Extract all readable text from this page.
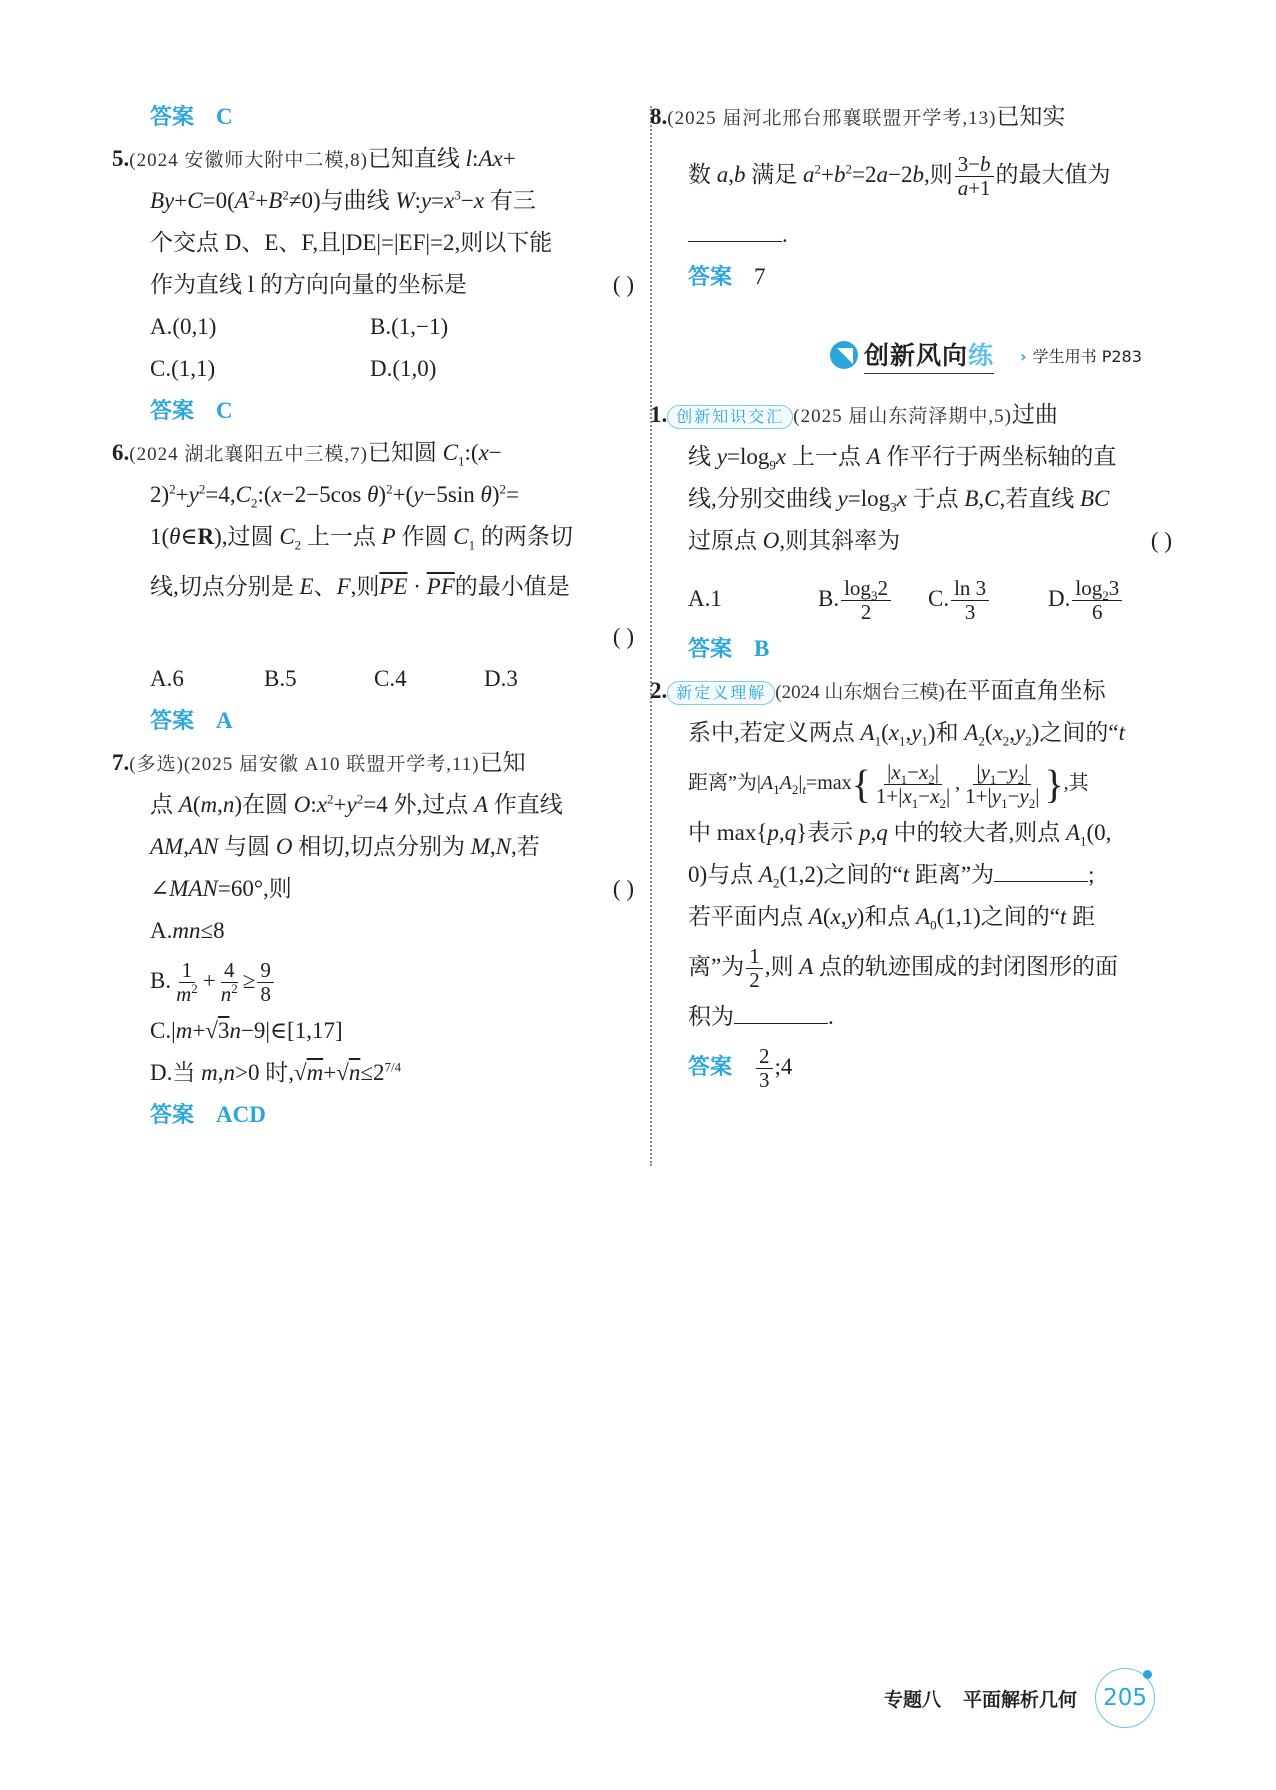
答案 C
5.(2024 安徽师大附中二模,8)已知直线 l:Ax+
$By+C=0(A^2+B^2\ne 0)$与曲线 $W:y=x^3-x$ 有三
个交点 D、E、F,且|DE|=|EF|=2,则以下能
作为直线 l 的方向向量的坐标是	( )
A.(0,1)	B.(1,−1)
C.(1,1)	D.(1,0)
答案 C
6.(2024 湖北襄阳五中三模,7)已知圆 $C_1:(x-$
$2)^2+y^2=4,C_2:(x-2-5\cos$ θ)$^2$+(y−5sin θ)$^2$=
1(θ∈R),过圆 $C_2$ 上一点 P 作圆 $C_1$ 的两条切
线,切点分别是 E、F,则$\overline{PE} \cdot \overline{PF}$的最小值是
( )
A.6	B.5	C.4	D.3
答案 A
7.(多选)(2025 届安徽 A10 联盟开学考,11)已知
点 A(m,n)在圆 $O:x^2+y^2=4$ 外,过点 A 作直线
AM,AN 与圆 O 相切,切点分别为 M,N,若
∠MAN=60°,则	( )
A.mn≤8
B. $\frac{1}{m^2} + \frac{4}{n^2} \ge \frac{9}{8}$
C.|m+√3n−9|∈[1,17]
D.当 m,n>0 时$,√m+√n\le 2^{7/4}$
答案 ACD
8.(2025 届河北邢台邢襄联盟开学考,13)已知实
数 a,b 满足 $a^2+b^2=2a-2b$,则 $\frac{3-b}{a+1}$ 的最大值为
.
答案 7
创新风向练 › 学生用书 P283
1. 创新知识交汇 (2025 届山东菏泽期中,5)过曲
线 $y=\log_9x$ 上一点 A 作平行于两坐标轴的直
线,分别交曲线 $y=\log_3x$ 于点 B,C,若直线 BC
过原点 O,则其斜率为	( )
A.1	B. $\frac{\log_32}{2} C$. $\frac{\ln 3}{3}$	D. $\frac{\log_23}{6}$
答案 B
2. 新定义理解 (2024 山东烟台三模)在平面直角坐标
系中,若定义两点 $A_1(x_1,y_1)$和 $A_2(x_2,y_2)$之间的“t
距离”为$|A_1A_2|_t=\max\{ \frac{|x_1-x_2|}{1+|x_1-x_2|}$ , $\frac{|y_1-y_2|}{1+|y_1-y_2|}$ },其
中 max{p,q}表示 p,q 中的较大者,则点 $A_1(0$,
0)与点 $A_2(1,2)$之间的“t 距离”为	;
若平面内点 A(x,y)和点 $A_0(1,1)$之间的“t 距
离”为 $\frac{1}{2}$ ,则 A 点的轨迹围成的封闭图形的面
积为	.
答案 $\frac{2}{3}$ ;4
专题八 平面解析几何 205
